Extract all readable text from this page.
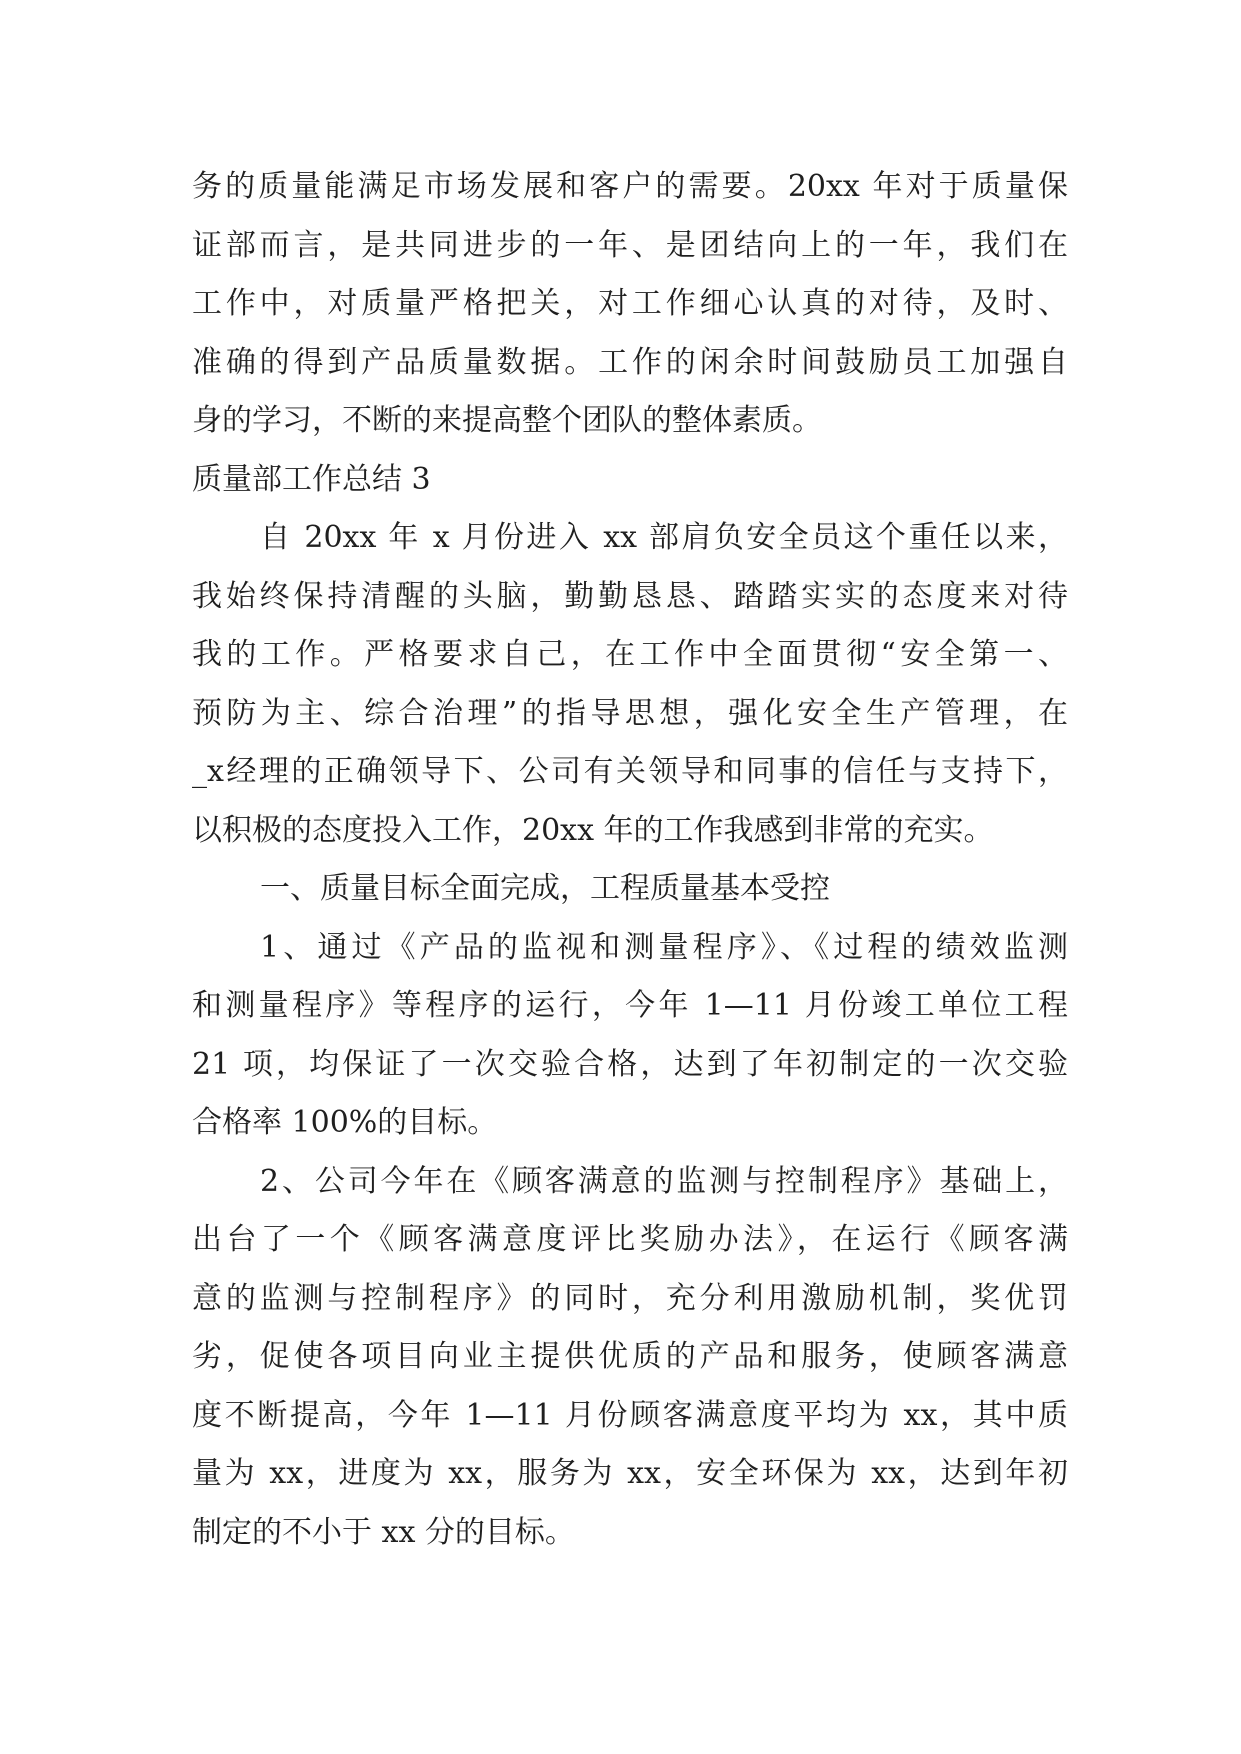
务的质量能满足市场发展和客户的需要。20xx 年对于质量保
证部而言，是共同进步的一年、是团结向上的一年，我们在
工作中，对质量严格把关，对工作细心认真的对待，及时、
准确的得到产品质量数据。工作的闲余时间鼓励员工加强自
身的学习，不断的来提高整个团队的整体素质。
质量部工作总结 3
自 20xx 年 x 月份进入 xx 部肩负安全员这个重任以来，
我始终保持清醒的头脑，勤勤恳恳、踏踏实实的态度来对待
我的工作。严格要求自己，在工作中全面贯彻“安全第一、
预防为主、综合治理”的指导思想，强化安全生产管理，在
_x经理的正确领导下、公司有关领导和同事的信任与支持下，
以积极的态度投入工作，20xx 年的工作我感到非常的充实。
一、质量目标全面完成，工程质量基本受控
1、通过《产品的监视和测量程序》、《过程的绩效监测
和测量程序》等程序的运行，今年 1—11 月份竣工单位工程
21 项，均保证了一次交验合格，达到了年初制定的一次交验
合格率 100%的目标。
2、公司今年在《顾客满意的监测与控制程序》基础上，
出台了一个《顾客满意度评比奖励办法》，在运行《顾客满
意的监测与控制程序》的同时，充分利用激励机制，奖优罚
劣，促使各项目向业主提供优质的产品和服务，使顾客满意
度不断提高，今年 1—11 月份顾客满意度平均为 xx，其中质
量为 xx，进度为 xx，服务为 xx，安全环保为 xx，达到年初
制定的不小于 xx 分的目标。
